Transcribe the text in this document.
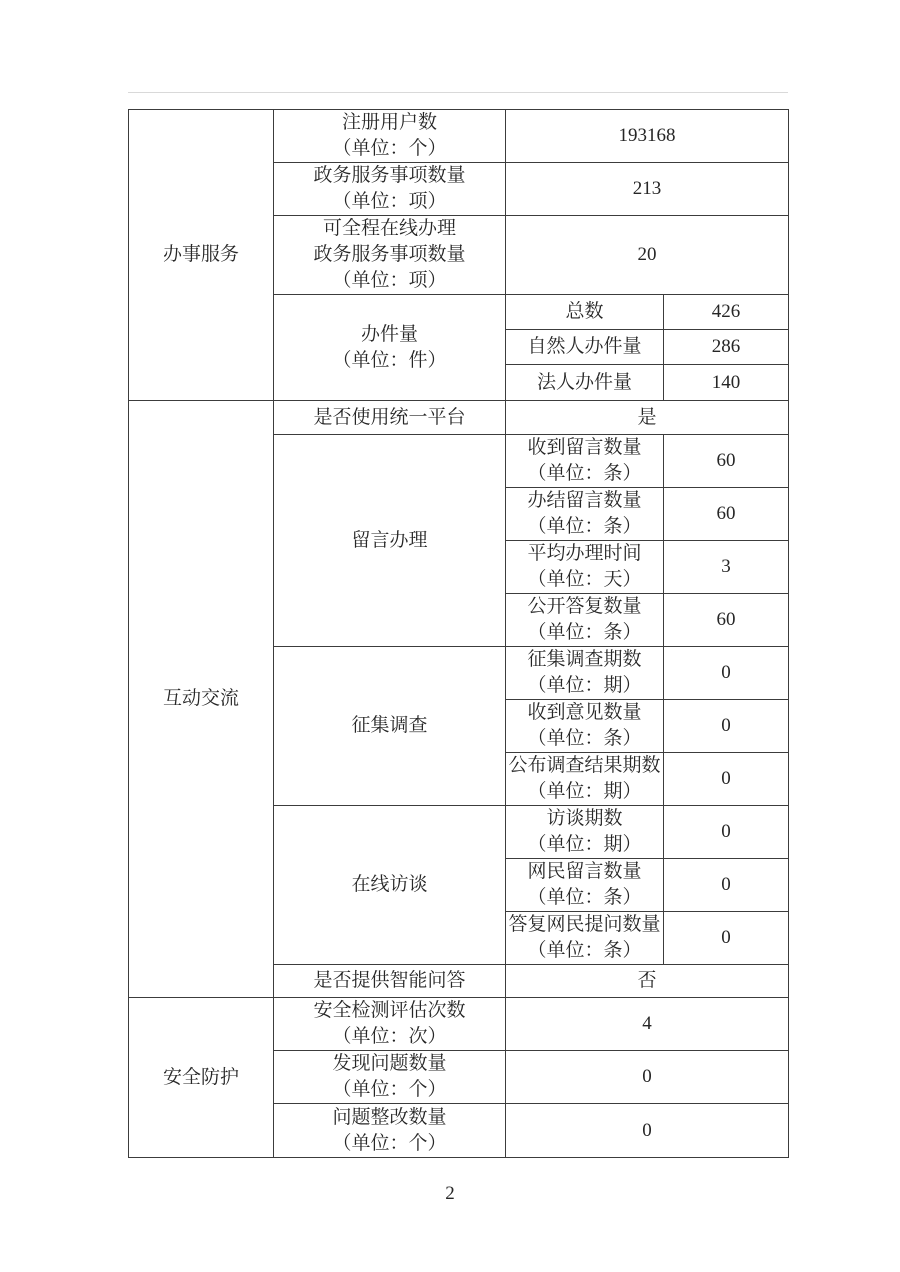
办事服务	注册用户数
（单位：个）	193168	

	政务服务事项数量
（单位：项）	213	

	可全程在线办理
政务服务事项数量
（单位：项）	20	

	办件量
（单位：件）	总数	426

		自然人办件量	286

		法人办件量	140

互动交流	是否使用统一平台	是	

	留言办理	收到留言数量
（单位：条）	60

		办结留言数量
（单位：条）	60

		平均办理时间
（单位：天）	3

		公开答复数量
（单位：条）	60

	征集调查	征集调查期数
（单位：期）	0

		收到意见数量
（单位：条）	0

		公布调查结果期数
（单位：期）	0

	在线访谈	访谈期数
（单位：期）	0

		网民留言数量
（单位：条）	0

		答复网民提问数量
（单位：条）	0

	是否提供智能问答	否	

安全防护	安全检测评估次数
（单位：次）	4	

	发现问题数量
（单位：个）	0	

	问题整改数量
（单位：个）	0	
2
